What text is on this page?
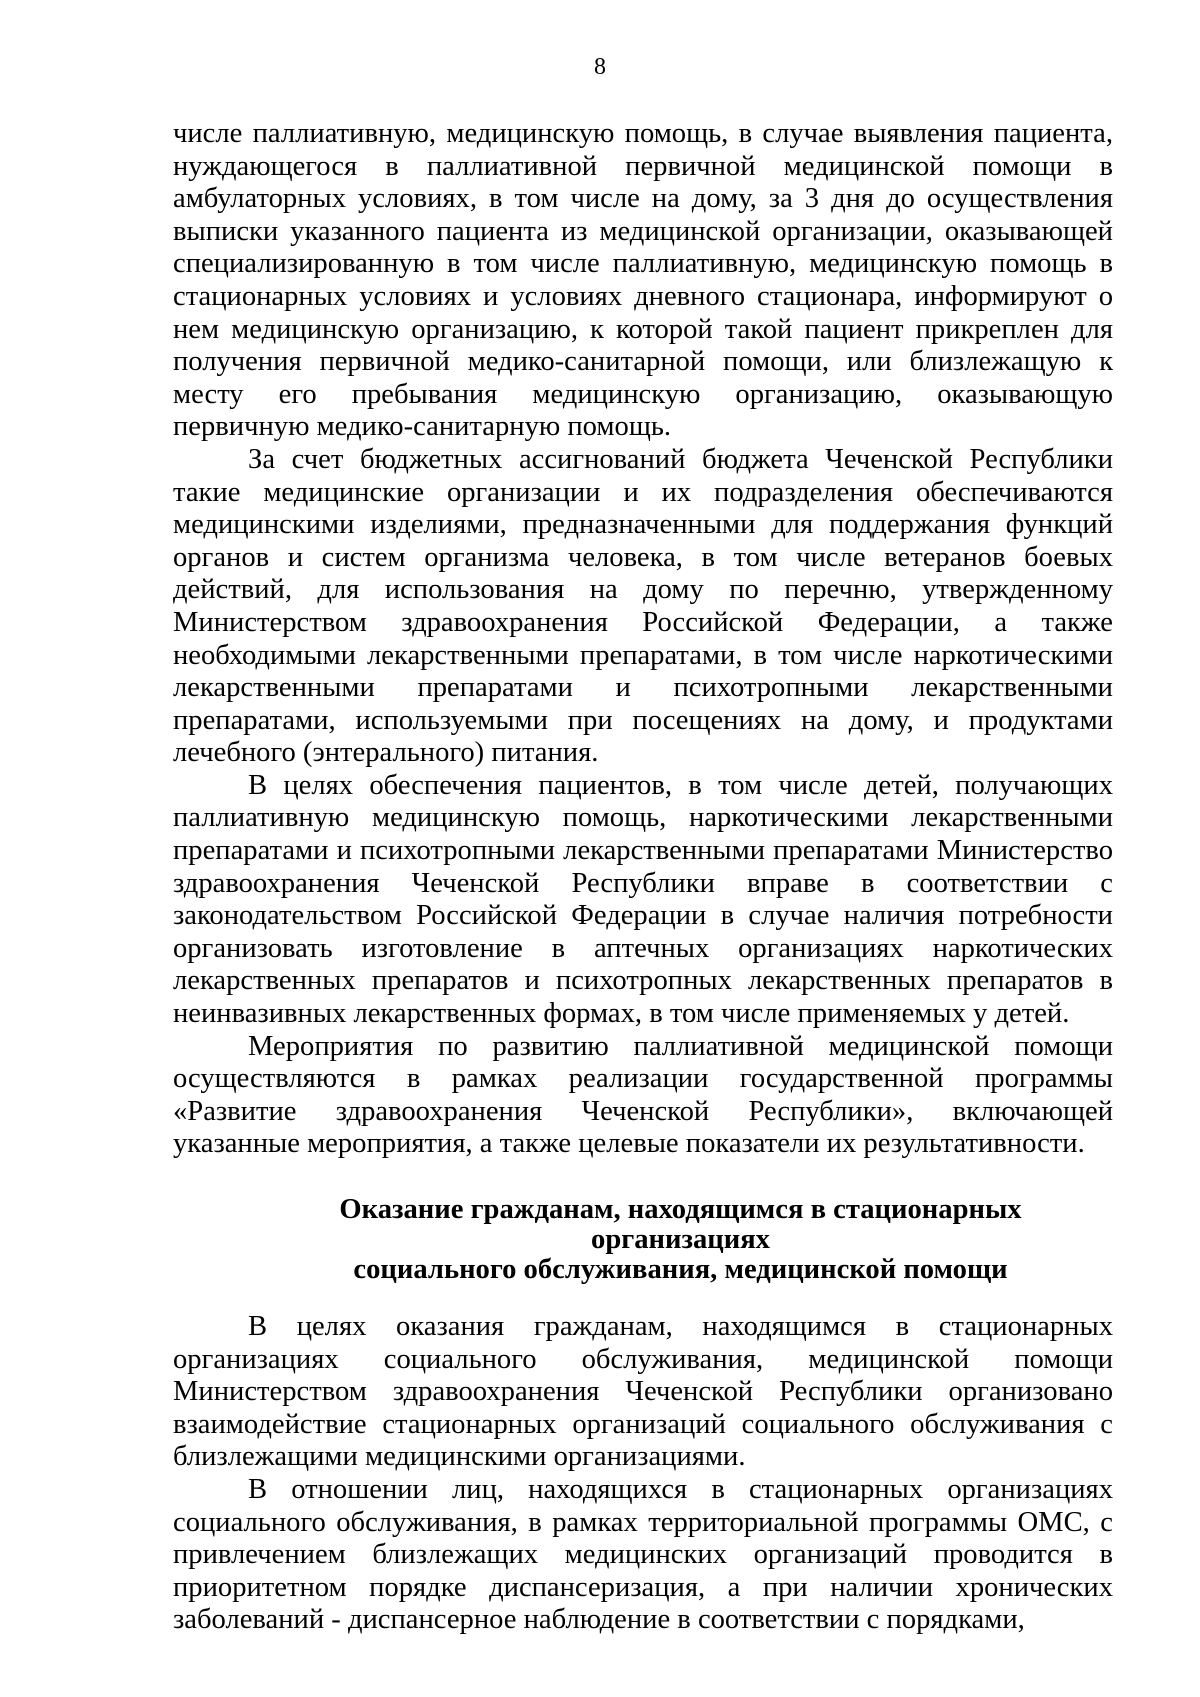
8

числе паллиативную, медицинскую помощь, в случае выявления пациента, нуждающегося в паллиативной первичной медицинской помощи в амбулаторных условиях, в том числе на дому, за 3 дня до осуществления выписки указанного пациента из медицинской организации, оказывающей специализированную в том числе паллиативную, медицинскую помощь в стационарных условиях и условиях дневного стационара, информируют о нем медицинскую организацию, к которой такой пациент прикреплен для получения первичной медико-санитарной помощи, или близлежащую к месту его пребывания медицинскую организацию, оказывающую первичную медико-санитарную помощь.

За счет бюджетных ассигнований бюджета Чеченской Республики такие медицинские организации и их подразделения обеспечиваются медицинскими изделиями, предназначенными для поддержания функций органов и систем организма человека, в том числе ветеранов боевых действий, для использования на дому по перечню, утвержденному Министерством здравоохранения Российской Федерации, а также необходимыми лекарственными препаратами, в том числе наркотическими лекарственными препаратами и психотропными лекарственными препаратами, используемыми при посещениях на дому, и продуктами лечебного (энтерального) питания.

В целях обеспечения пациентов, в том числе детей, получающих паллиативную медицинскую помощь, наркотическими лекарственными препаратами и психотропными лекарственными препаратами Министерство здравоохранения Чеченской Республики вправе в соответствии с законодательством Российской Федерации в случае наличия потребности организовать изготовление в аптечных организациях наркотических лекарственных препаратов и психотропных лекарственных препаратов в неинвазивных лекарственных формах, в том числе применяемых у детей.

Мероприятия по развитию паллиативной медицинской помощи осуществляются в рамках реализации государственной программы «Развитие здравоохранения Чеченской Республики», включающей указанные мероприятия, а также целевые показатели их результативности.

Оказание гражданам, находящимся в стационарных организациях
социального обслуживания, медицинской помощи

В целях оказания гражданам, находящимся в стационарных организациях социального обслуживания, медицинской помощи Министерством здравоохранения Чеченской Республики организовано взаимодействие стационарных организаций социального обслуживания с близлежащими медицинскими организациями.

В отношении лиц, находящихся в стационарных организациях социального обслуживания, в рамках территориальной программы ОМС, с привлечением близлежащих медицинских организаций проводится в приоритетном порядке диспансеризация, а при наличии хронических заболеваний - диспансерное наблюдение в соответствии с порядками,
